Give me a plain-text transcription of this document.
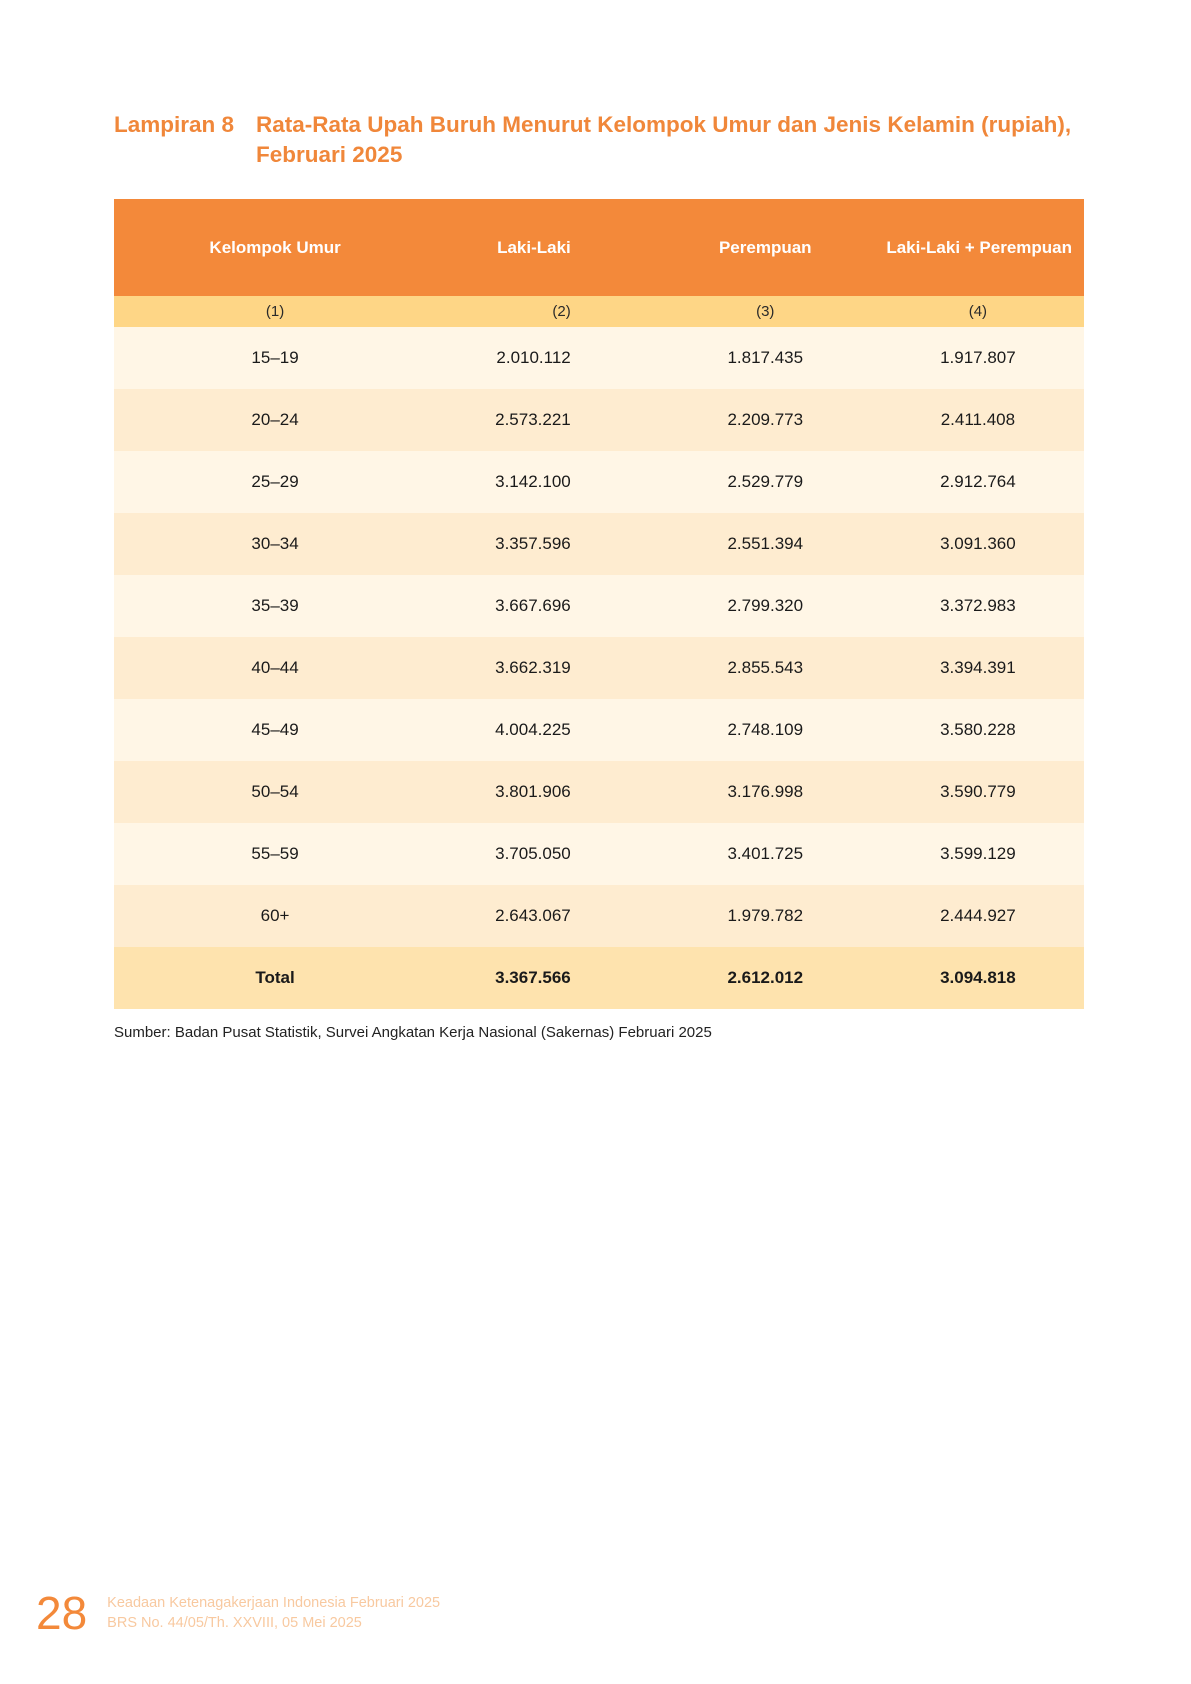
Lampiran 8 Rata-Rata Upah Buruh Menurut Kelompok Umur dan Jenis Kelamin (rupiah),
Februari 2025
Kelompok Umur	Laki-Laki	Perempuan	Laki-Laki + Perempuan
(1)	(2)	(3)	(4)
15–19	2.010.112	1.817.435	1.917.807
20–24	2.573.221	2.209.773	2.411.408
25–29	3.142.100	2.529.779	2.912.764
30–34	3.357.596	2.551.394	3.091.360
35–39	3.667.696	2.799.320	3.372.983
40–44	3.662.319	2.855.543	3.394.391
45–49	4.004.225	2.748.109	3.580.228
50–54	3.801.906	3.176.998	3.590.779
55–59	3.705.050	3.401.725	3.599.129
60+	2.643.067	1.979.782	2.444.927
Total	3.367.566	2.612.012	3.094.818
Sumber: Badan Pusat Statistik, Survei Angkatan Kerja Nasional (Sakernas) Februari 2025
28 Keadaan Ketenagakerjaan Indonesia Februari 2025
BRS No. 44/05/Th. XXVIII, 05 Mei 2025
